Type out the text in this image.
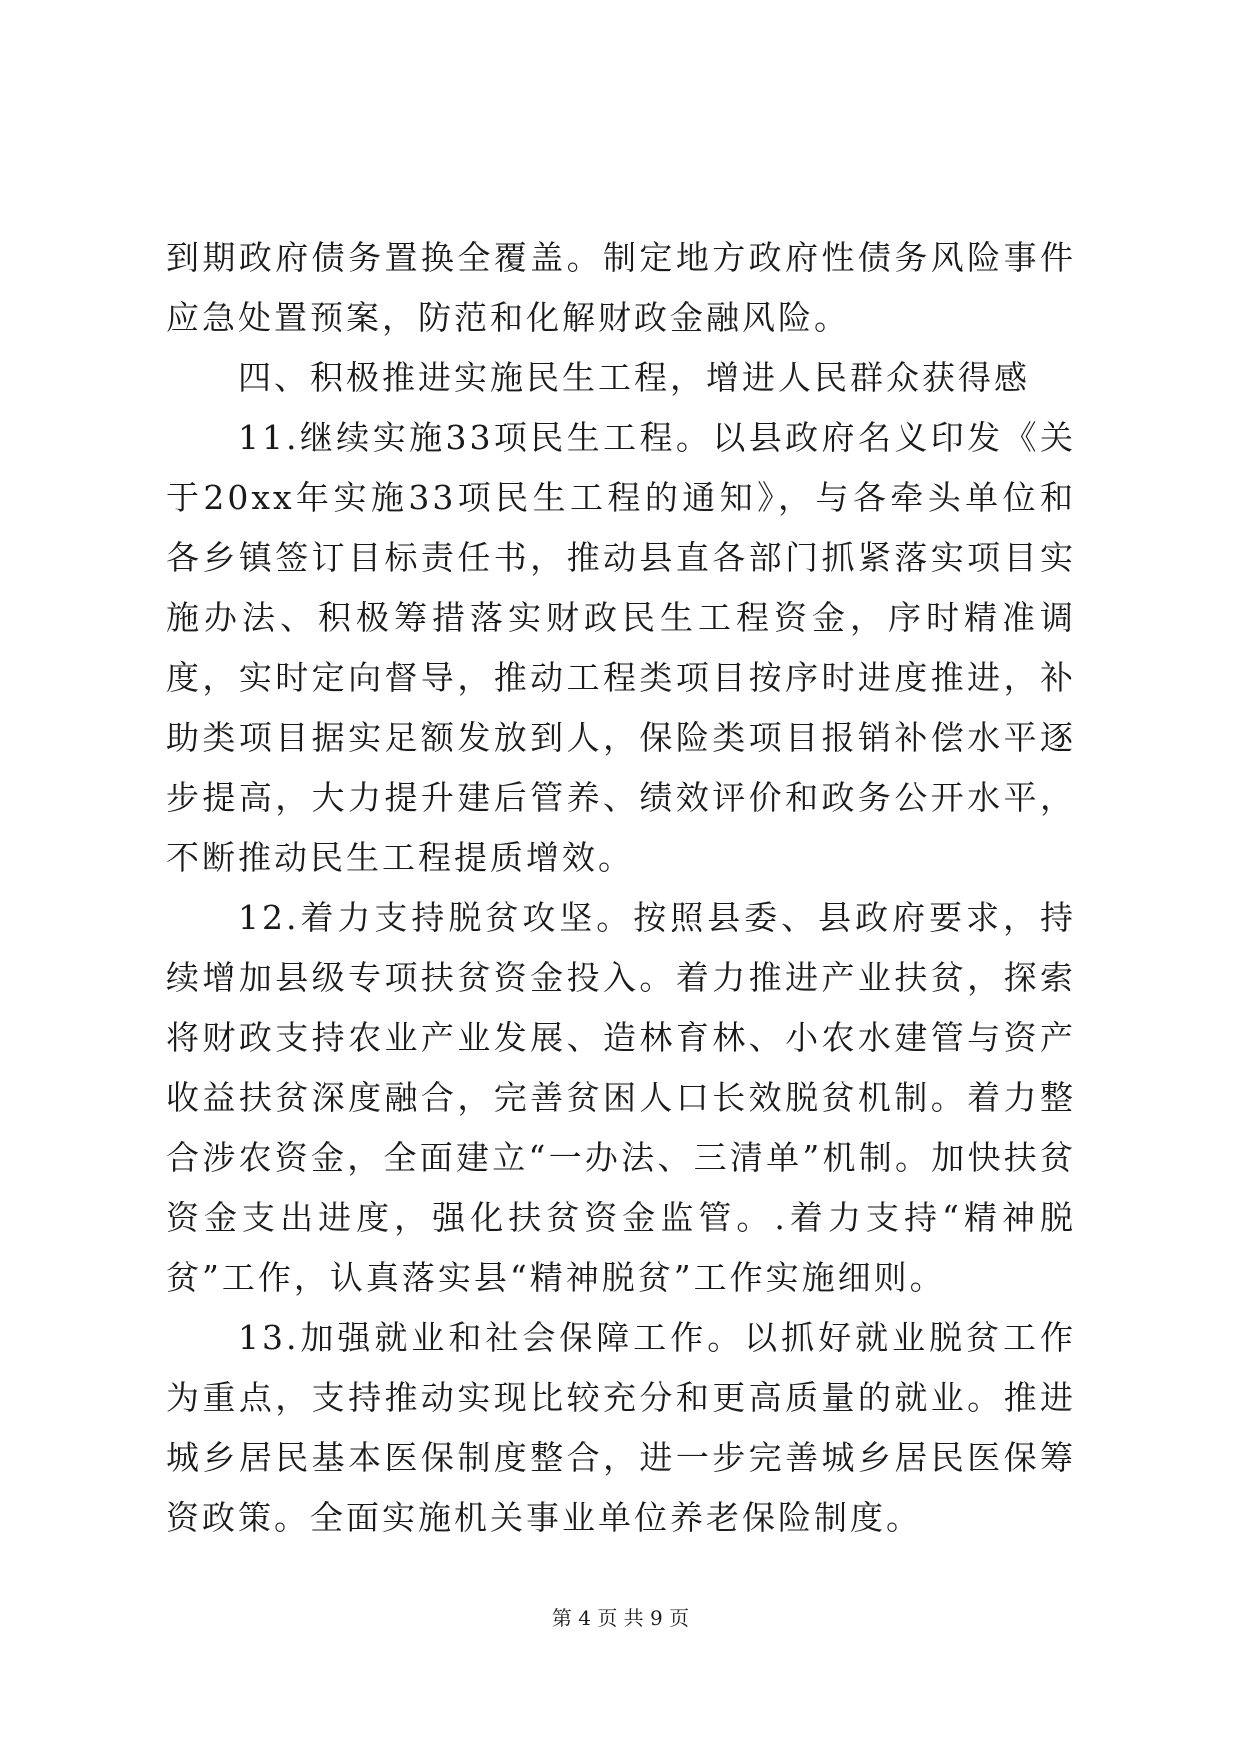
到期政府债务置换全覆盖。制定地方政府性债务风险事件应急处置预案，防范和化解财政金融风险。

四、积极推进实施民生工程，增进人民群众获得感

11.继续实施33项民生工程。以县政府名义印发《关于20xx年实施33项民生工程的通知》，与各牵头单位和各乡镇签订目标责任书，推动县直各部门抓紧落实项目实施办法、积极筹措落实财政民生工程资金，序时精准调度，实时定向督导，推动工程类项目按序时进度推进，补助类项目据实足额发放到人，保险类项目报销补偿水平逐步提高，大力提升建后管养、绩效评价和政务公开水平，不断推动民生工程提质增效。

12.着力支持脱贫攻坚。按照县委、县政府要求，持续增加县级专项扶贫资金投入。着力推进产业扶贫，探索将财政支持农业产业发展、造林育林、小农水建管与资产收益扶贫深度融合，完善贫困人口长效脱贫机制。着力整合涉农资金，全面建立“一办法、三清单”机制。加快扶贫资金支出进度，强化扶贫资金监管。.着力支持“精神脱贫”工作，认真落实县“精神脱贫”工作实施细则。

13.加强就业和社会保障工作。以抓好就业脱贫工作为重点，支持推动实现比较充分和更高质量的就业。推进城乡居民基本医保制度整合，进一步完善城乡居民医保筹资政策。全面实施机关事业单位养老保险制度。

第 4 页 共 9 页
